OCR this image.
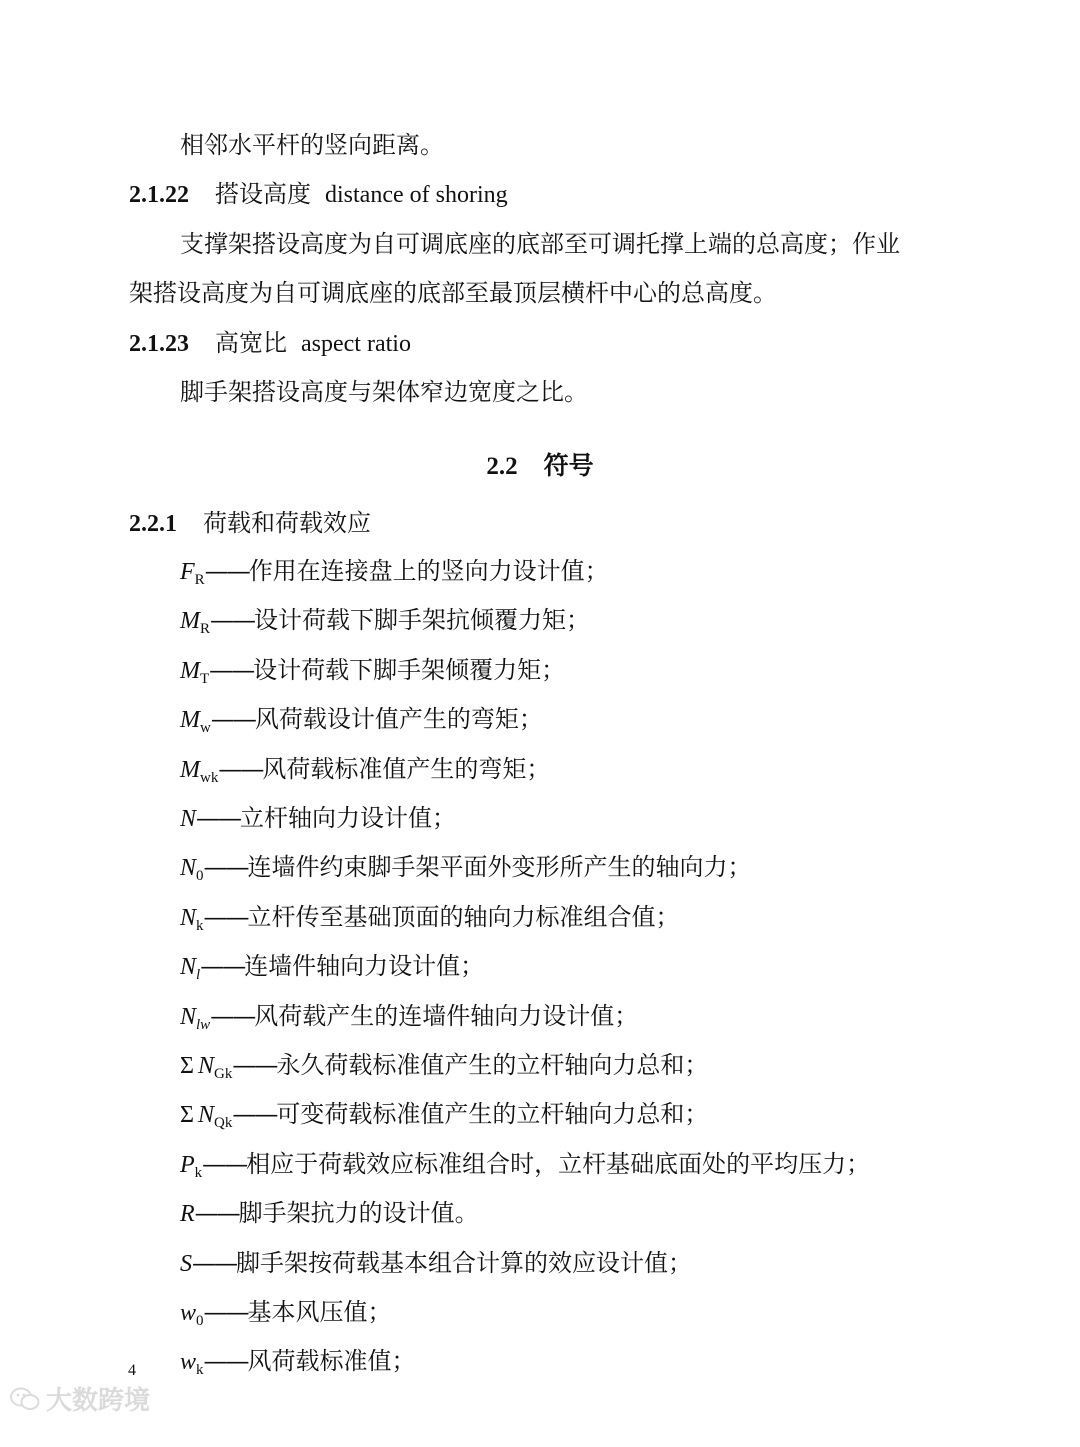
相邻水平杆的竖向距离。
2.1.22 搭设高度 distance of shoring
支撑架搭设高度为自可调底座的底部至可调托撑上端的总高度；作业
架搭设高度为自可调底座的底部至最顶层横杆中心的总高度。
2.1.23 高宽比 aspect ratio
脚手架搭设高度与架体窄边宽度之比。
2.2 符号
2.2.1 荷载和荷载效应
$F_R——$作用在连接盘上的竖向力设计值；
$M_R——$设计荷载下脚手架抗倾覆力矩；
$M_T——$设计荷载下脚手架倾覆力矩；
$M_w——$风荷载设计值产生的弯矩；
$M_{wk}——$风荷载标准值产生的弯矩；
N——立杆轴向力设计值；
$N_0——$连墙件约束脚手架平面外变形所产生的轴向力；
$N_k——$立杆传至基础顶面的轴向力标准组合值；
$N_l——$连墙件轴向力设计值；
$N_{lw}——$风荷载产生的连墙件轴向力设计值；
Σ $N_{Gk}——$永久荷载标准值产生的立杆轴向力总和；
Σ $N_{Qk}——$可变荷载标准值产生的立杆轴向力总和；
$P_k——$相应于荷载效应标准组合时，立杆基础底面处的平均压力；
R——脚手架抗力的设计值。
S——脚手架按荷载基本组合计算的效应设计值；
$w_0——$基本风压值；
$w_k——$风荷载标准值；
4
大数跨境
